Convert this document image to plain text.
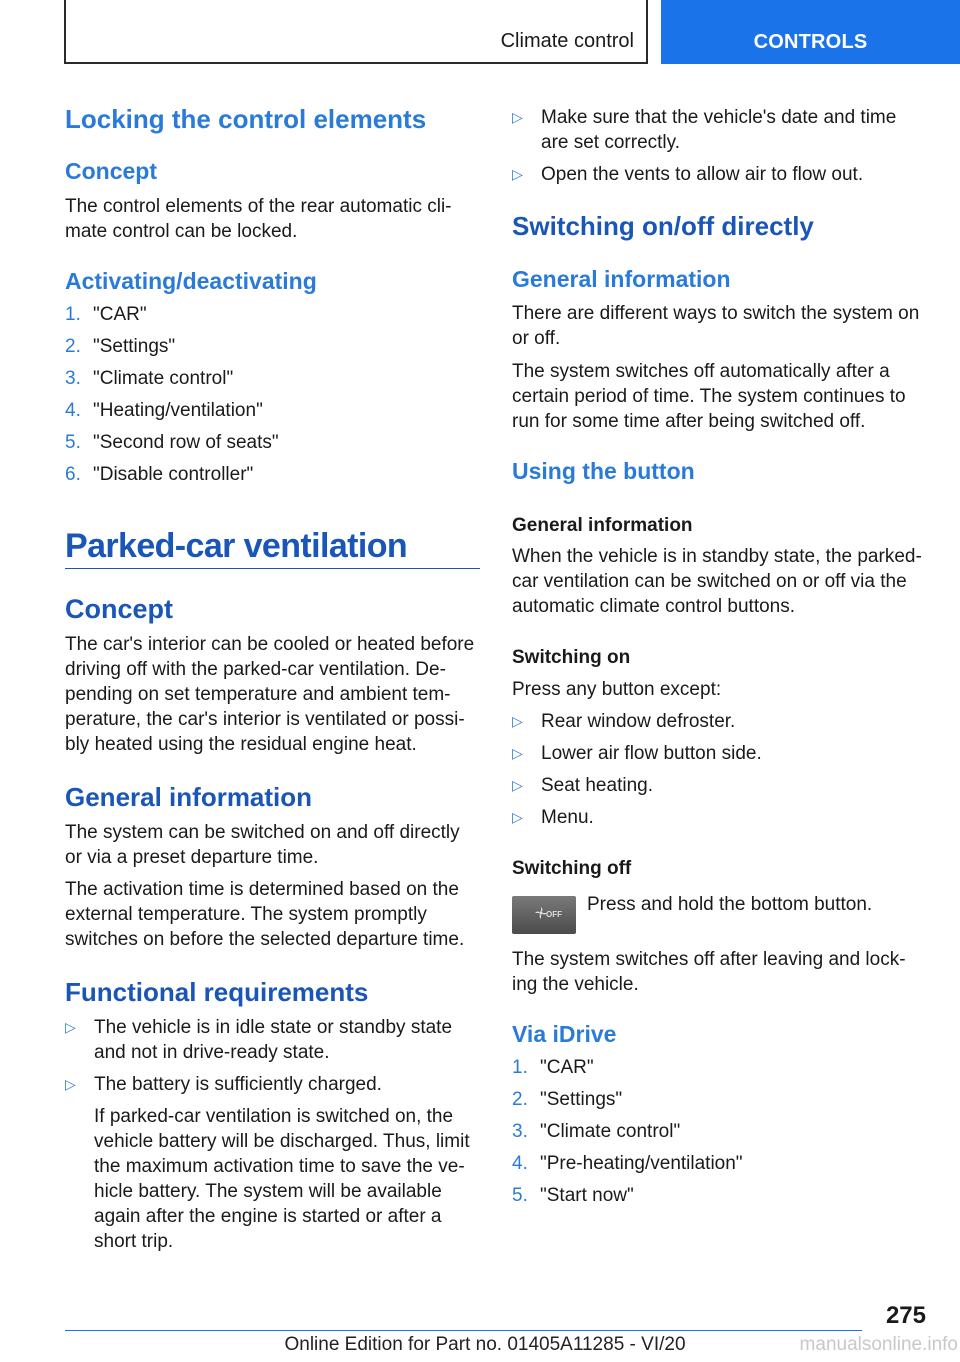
Climate control	CONTROLS
Locking the control elements
Concept
The control elements of the rear automatic cli‐
mate control can be locked.
Activating/deactivating
1. "CAR"
2. "Settings"
3. "Climate control"
4. "Heating/ventilation"
5. "Second row of seats"
6. "Disable controller"
Parked-car ventilation
Concept
The car's interior can be cooled or heated before
driving off with the parked-car ventilation. De‐
pending on set temperature and ambient tem‐
perature, the car's interior is ventilated or possi‐
bly heated using the residual engine heat.
General information
The system can be switched on and off directly
or via a preset departure time.
The activation time is determined based on the
external temperature. The system promptly
switches on before the selected departure time.
Functional requirements
▷ The vehicle is in idle state or standby state
and not in drive-ready state.
▷ The battery is sufficiently charged.
If parked-car ventilation is switched on, the
vehicle battery will be discharged. Thus, limit
the maximum activation time to save the ve‐
hicle battery. The system will be available
again after the engine is started or after a
short trip.
▷ Make sure that the vehicle's date and time
are set correctly.
▷ Open the vents to allow air to flow out.
Switching on/off directly
General information
There are different ways to switch the system on
or off.
The system switches off automatically after a
certain period of time. The system continues to
run for some time after being switched off.
Using the button
General information
When the vehicle is in standby state, the parked-
car ventilation can be switched on or off via the
automatic climate control buttons.
Switching on
Press any button except:
▷ Rear window defroster.
▷ Lower air flow button side.
▷ Seat heating.
▷ Menu.
Switching off
Press and hold the bottom button.
The system switches off after leaving and lock‐
ing the vehicle.
Via iDrive
1. "CAR"
2. "Settings"
3. "Climate control"
4. "Pre-heating/ventilation"
5. "Start now"
OFF
275
Online Edition for Part no. 01405A11285 - VI/20	manualsonline.info
